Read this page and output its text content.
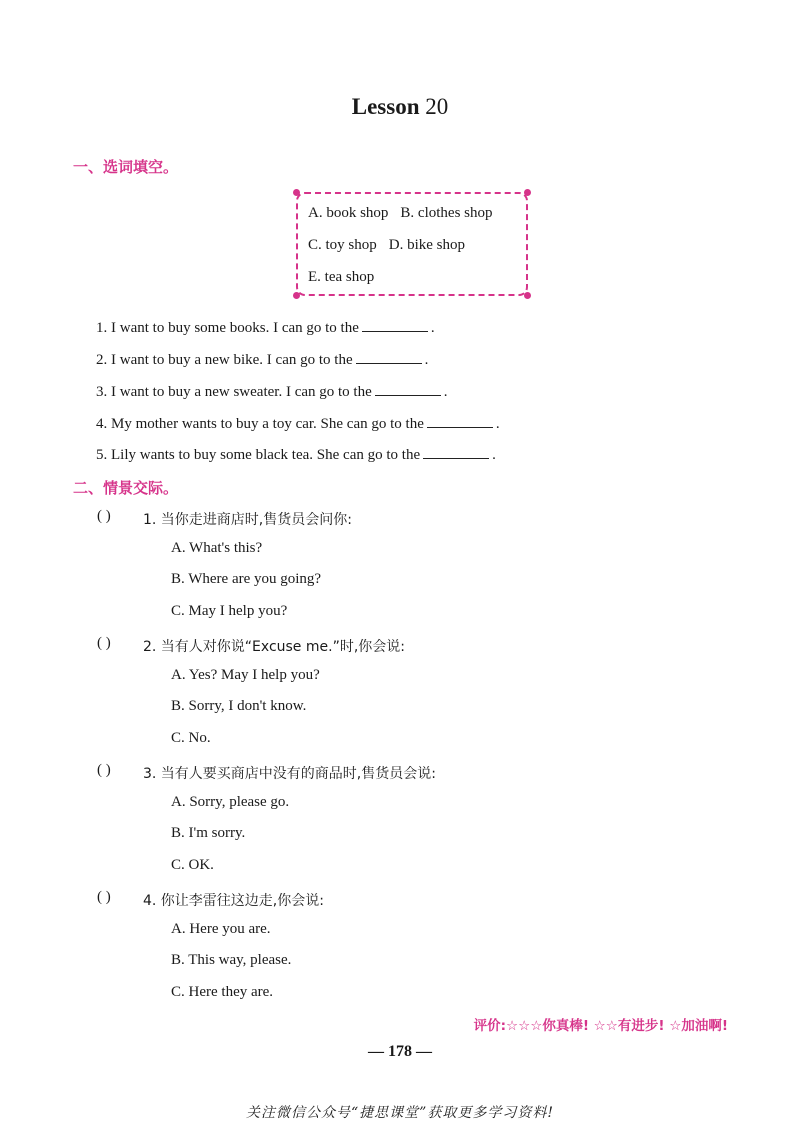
Lesson 20
一、选词填空。
A. book shop B. clothes shop
C. toy shop D. bike shop
E. tea shop
1. I want to buy some books. I can go to the	.
2. I want to buy a new bike. I can go to the	.
3. I want to buy a new sweater. I can go to the	.
4. My mother wants to buy a toy car. She can go to the	.
5. Lily wants to buy some black tea. She can go to the	.
二、情景交际。
( ) 1. 当你走进商店时,售货员会问你:
A. What's this?
B. Where are you going?
C. May I help you?
( ) 2. 当有人对你说“Excuse me.”时,你会说:
A. Yes? May I help you?
B. Sorry, I don't know.
C. No.
( ) 3. 当有人要买商店中没有的商品时,售货员会说:
A. Sorry, please go.
B. I'm sorry.
C. OK.
( ) 4. 你让李雷往这边走,你会说:
A. Here you are.
B. This way, please.
C. Here they are.
评价:☆☆☆你真棒! ☆☆有进步! ☆加油啊!
— 178 —
关注微信公众号“捷思课堂”获取更多学习资料!
